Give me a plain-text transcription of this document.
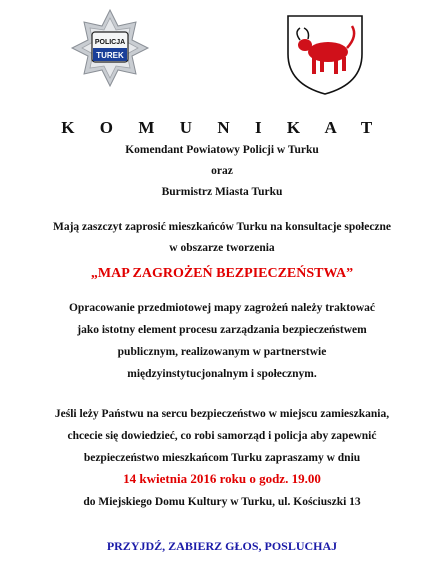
POLICJA
TUREK
K O M U N I K A T
Komendant Powiatowy Policji w Turku
oraz
Burmistrz Miasta Turku
Mają zaszczyt zaprosić mieszkańców Turku na konsultacje społeczne
w obszarze tworzenia
„MAP ZAGROŻEŃ BEZPIECZEŃSTWA”
Opracowanie przedmiotowej mapy zagrożeń należy traktować
jako istotny element procesu zarządzania bezpieczeństwem
publicznym, realizowanym w partnerstwie
międzyinstytucjonalnym i społecznym.
Jeśli leży Państwu na sercu bezpieczeństwo w miejscu zamieszkania,
chcecie się dowiedzieć, co robi samorząd i policja aby zapewnić
bezpieczeństwo mieszkańcom Turku zapraszamy w dniu
14 kwietnia 2016 roku o godz. 19.00
do Miejskiego Domu Kultury w Turku, ul. Kościuszki 13
PRZYJDŹ, ZABIERZ GŁOS, POSLUCHAJ
